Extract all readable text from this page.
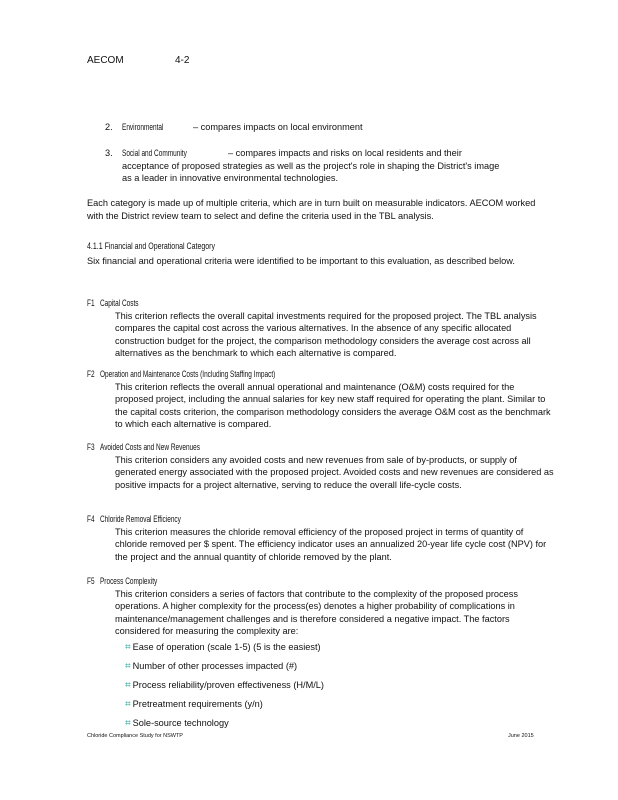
AECOM	4-2
2. Environmental	– compares impacts on local environment
3. Social and Community	– compares impacts and risks on local residents and their acceptance of proposed strategies as well as the project's role in shaping the District's image as a leader in innovative environmental technologies.
Each category is made up of multiple criteria, which are in turn built on measurable indicators. AECOM worked with the District review team to select and define the criteria used in the TBL analysis.
4.1.1 Financial and Operational Category
Six financial and operational criteria were identified to be important to this evaluation, as described below.
F1 Capital Costs
This criterion reflects the overall capital investments required for the proposed project. The TBL analysis compares the capital cost across the various alternatives. In the absence of any specific allocated construction budget for the project, the comparison methodology considers the average cost across all alternatives as the benchmark to which each alternative is compared.
F2 Operation and Maintenance Costs (Including Staffing Impact)
This criterion reflects the overall annual operational and maintenance (O&M) costs required for the proposed project, including the annual salaries for key new staff required for operating the plant. Similar to the capital costs criterion, the comparison methodology considers the average O&M cost as the benchmark to which each alternative is compared.
F3 Avoided Costs and New Revenues
This criterion considers any avoided costs and new revenues from sale of by-products, or supply of generated energy associated with the proposed project. Avoided costs and new revenues are considered as positive impacts for a project alternative, serving to reduce the overall life-cycle costs.
F4 Chloride Removal Efficiency
This criterion measures the chloride removal efficiency of the proposed project in terms of quantity of chloride removed per $ spent. The efficiency indicator uses an annualized 20-year life cycle cost (NPV) for the project and the annual quantity of chloride removed by the plant.
F5 Process Complexity
This criterion considers a series of factors that contribute to the complexity of the proposed process operations. A higher complexity for the process(es) denotes a higher probability of complications in maintenance/management challenges and is therefore considered a negative impact. The factors considered for measuring the complexity are:
⌗ Ease of operation (scale 1-5) (5 is the easiest)
⌗ Number of other processes impacted (#)
⌗ Process reliability/proven effectiveness (H/M/L)
⌗ Pretreatment requirements (y/n)
⌗ Sole-source technology
Chloride Compliance Study for NSWTP	June 2015
